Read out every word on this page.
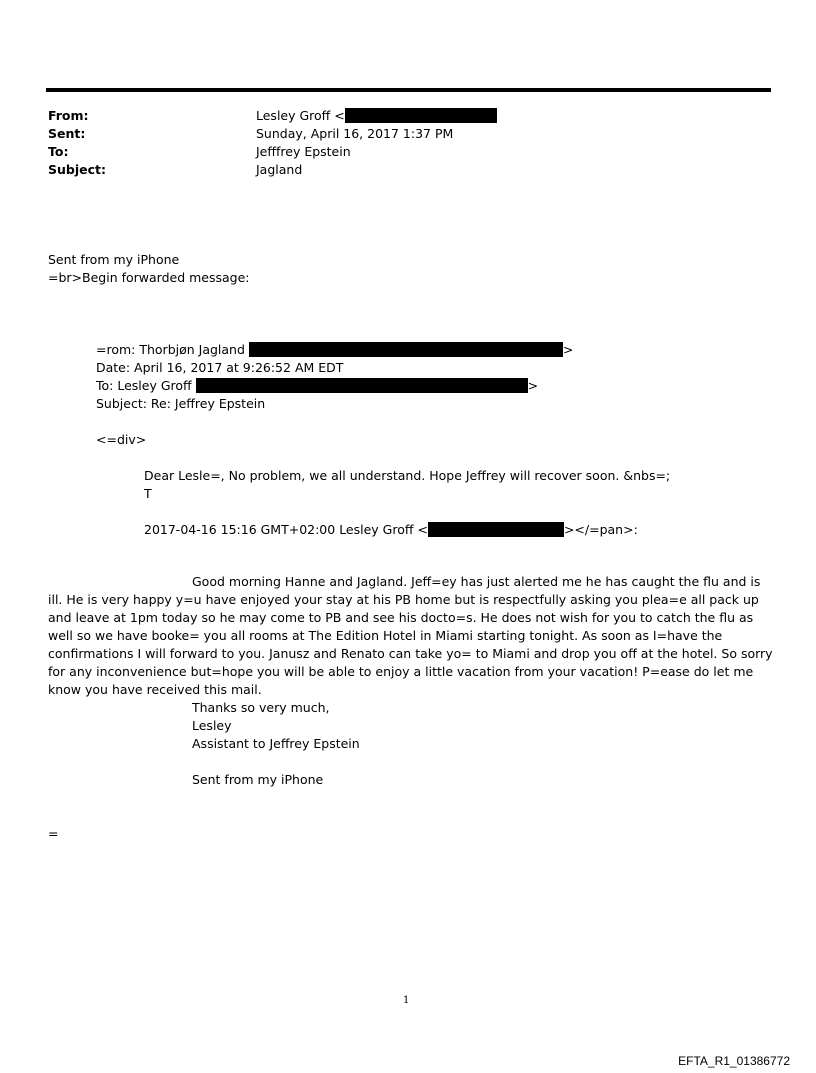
From:	Lesley Groff <
Sent:	Sunday, April 16, 2017 1:37 PM
To:	Jefffrey Epstein
Subject:	Jagland
Sent from my iPhone
=br>Begin forwarded message:
=rom: Thorbjøn Jagland	>
Date: April 16, 2017 at 9:26:52 AM EDT
To: Lesley Groff	>
Subject: Re: Jeffrey Epstein
<=div>
Dear Lesle=, No problem, we all understand. Hope Jeffrey will recover soon. &nbs=;
T
2017-04-16 15:16 GMT+02:00 Lesley Groff <	></=pan>:
Good morning Hanne and Jagland. Jeff=ey has just alerted me he has caught the flu and is ill. He is very happy y=u have enjoyed your stay at his PB home but is respectfully asking you plea=e all pack up and leave at 1pm today so he may come to PB and see his docto=s. He does not wish for you to catch the flu as well so we have booke= you all rooms at The Edition Hotel in Miami starting tonight. As soon as I=have the confirmations I will forward to you. Janusz and Renato can take yo= to Miami and drop you off at the hotel. So sorry for any inconvenience but=hope you will be able to enjoy a little vacation from your vacation! P=ease do let me know you have received this mail.
Thanks so very much,
Lesley
Assistant to Jeffrey Epstein
Sent from my iPhone
=
1
EFTA_R1_01386772
